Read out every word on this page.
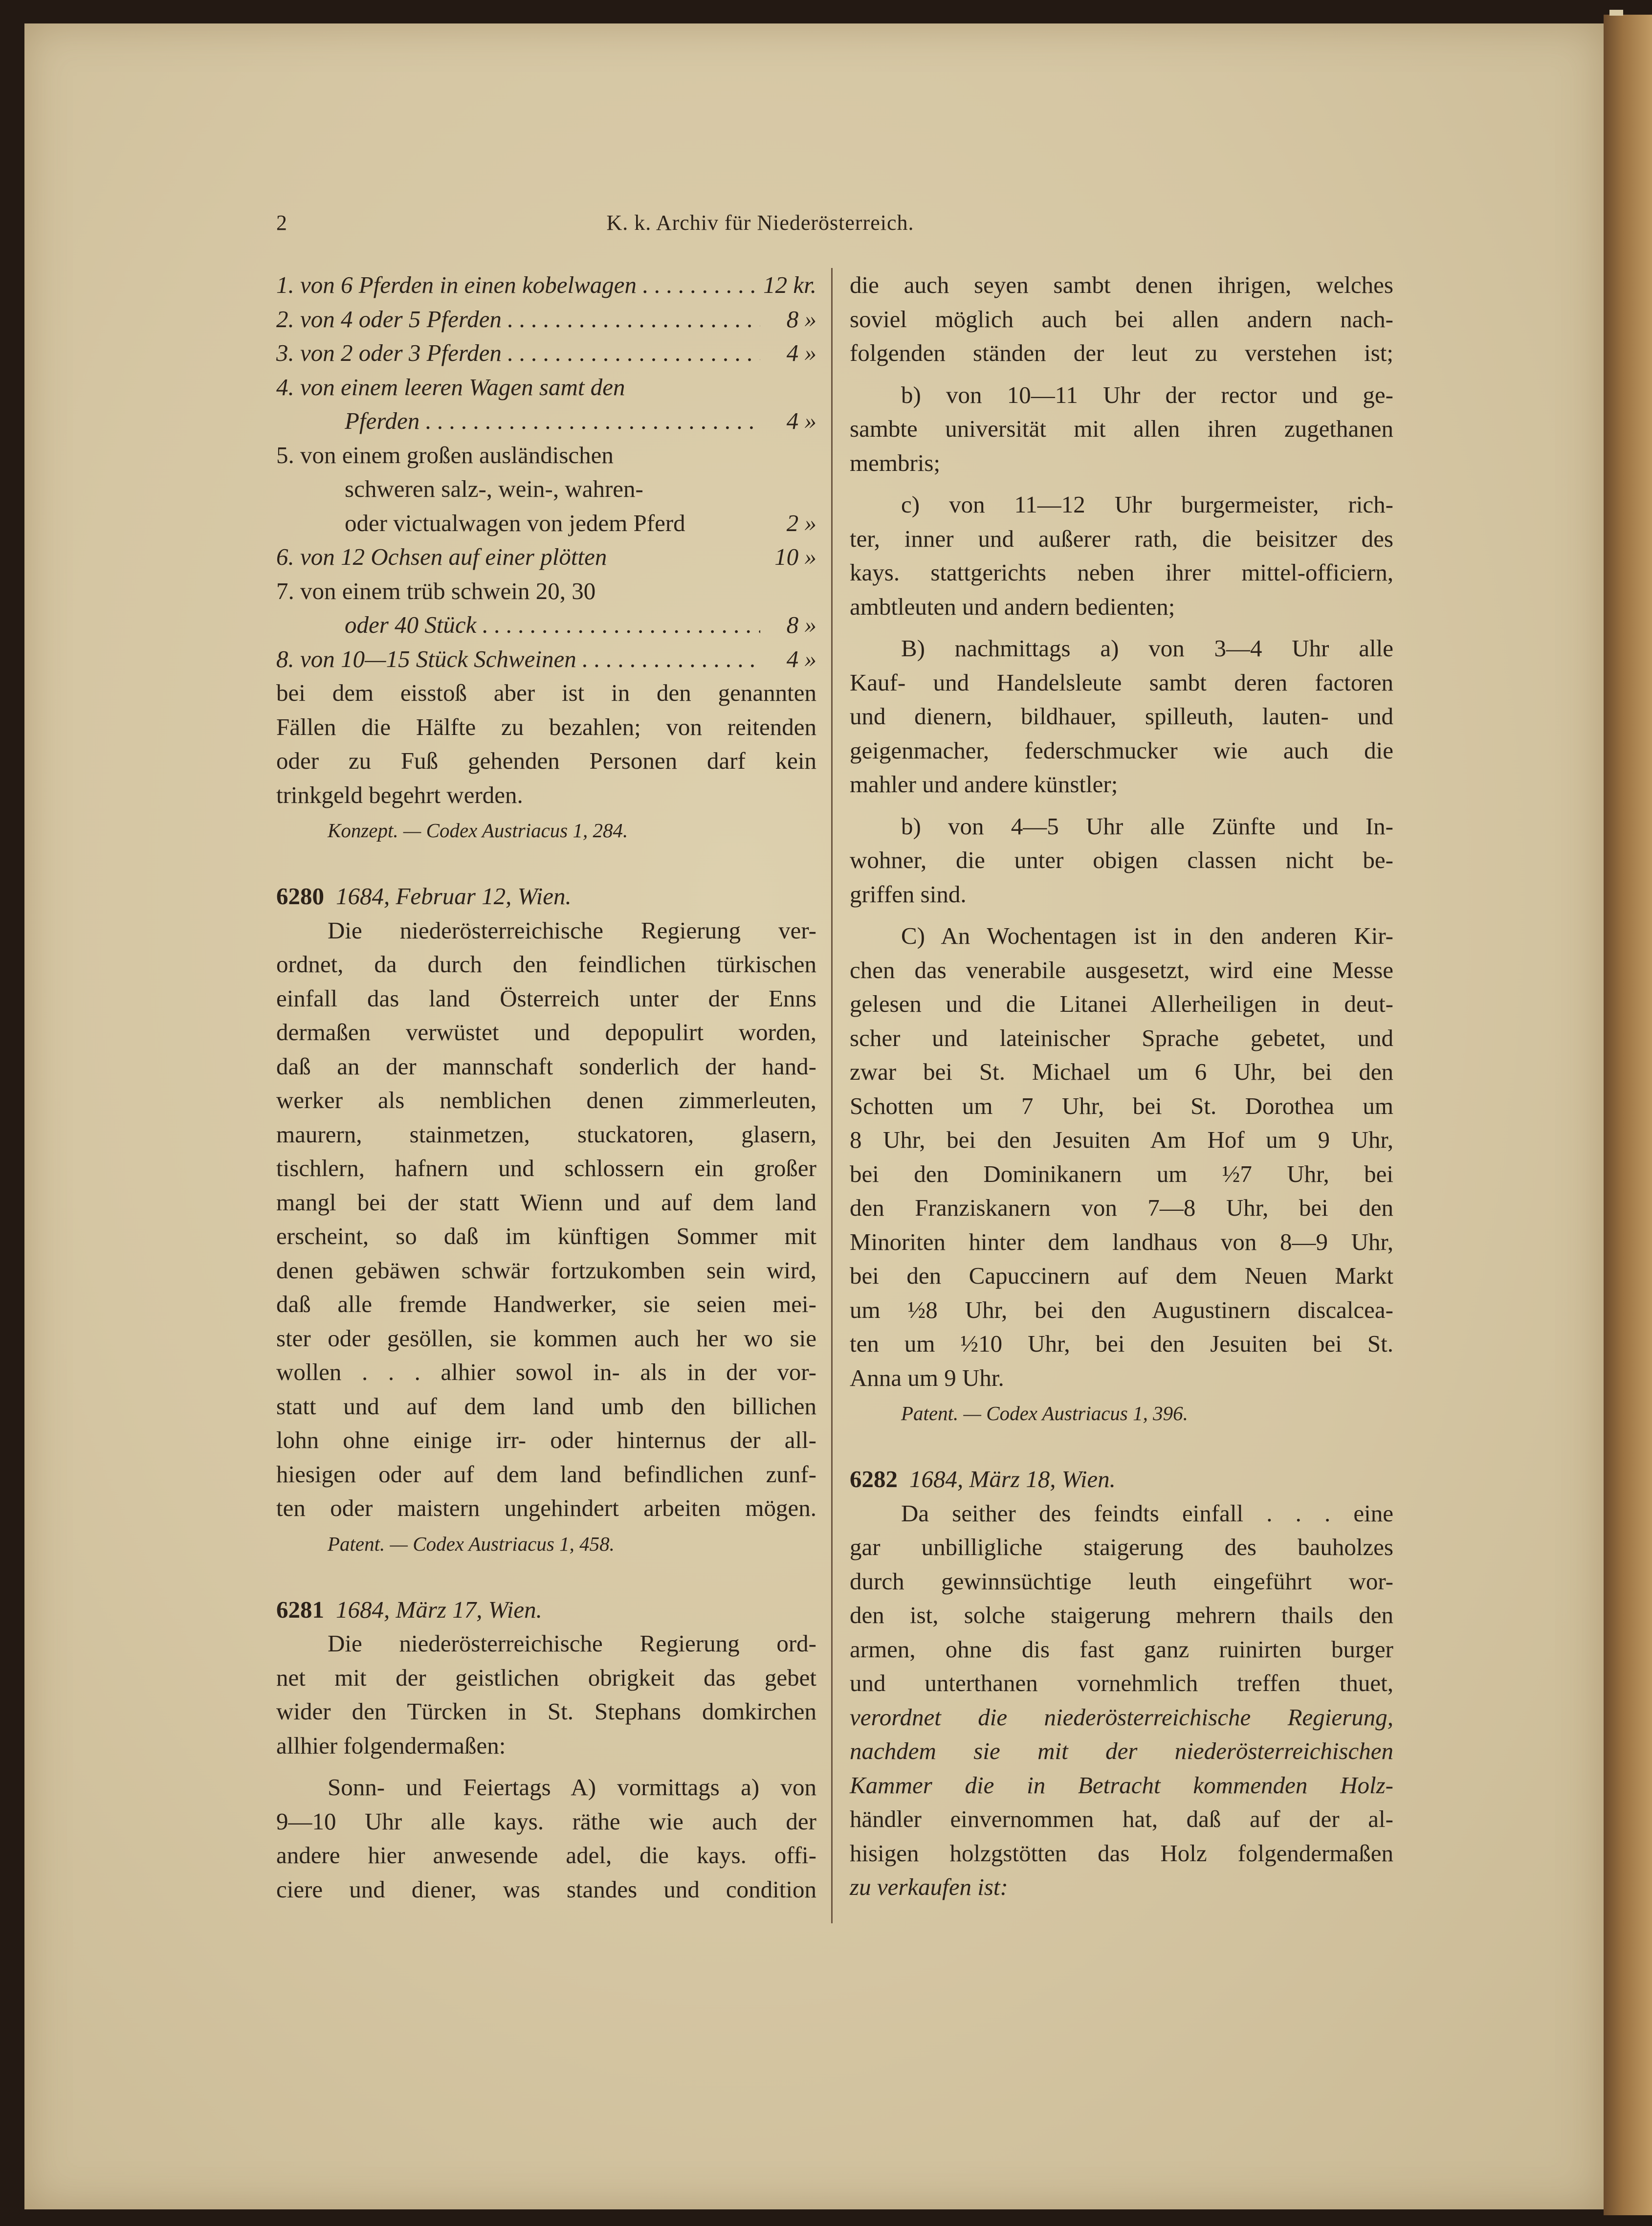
2	K. k. Archiv für Niederösterreich.

1. von 6 Pferden in einen kobelwagen . . .	12 kr.

2. von 4 oder 5 Pferden . . .	8 »

3. von 2 oder 3 Pferden . . .	4 »

4. von einem leeren Wagen samt den

Pferden . . .	4 »

5. von einem großen ausländischen

schweren salz-, wein-, wahren-

oder victualwagen von jedem Pferd	2 »

6. von 12 Ochsen auf einer plötten	10 »

7. von einem trüb schwein 20, 30

oder 40 Stück . . .	8 »

8. von 10—15 Stück Schweinen . . .	4 »

bei dem eisstoß aber ist in den genannten

Fällen die Hälfte zu bezahlen; von reitenden

oder zu Fuß gehenden Personen darf kein

trinkgeld begehrt werden.

Konzept. — Codex Austriacus 1, 284.

6280 1684, Februar 12, Wien.

Die niederösterreichische Regierung ver-

ordnet, da durch den feindlichen türkischen

einfall das land Österreich unter der Enns

dermaßen verwüstet und depopulirt worden,

daß an der mannschaft sonderlich der hand-

werker als nemblichen denen zimmerleuten,

maurern, stainmetzen, stuckatoren, glasern,

tischlern, hafnern und schlossern ein großer

mangl bei der statt Wienn und auf dem land

erscheint, so daß im künftigen Sommer mit

denen gebäwen schwär fortzukomben sein wird,

daß alle fremde Handwerker, sie seien mei-

ster oder gesöllen, sie kommen auch her wo sie

wollen . . . alhier sowol in- als in der vor-

statt und auf dem land umb den billichen

lohn ohne einige irr- oder hinternus der all-

hiesigen oder auf dem land befindlichen zunf-

ten oder maistern ungehindert arbeiten mögen.

Patent. — Codex Austriacus 1, 458.

6281 1684, März 17, Wien.

Die niederösterreichische Regierung ord-

net mit der geistlichen obrigkeit das gebet

wider den Türcken in St. Stephans domkirchen

allhier folgendermaßen:

Sonn- und Feiertags A) vormittags a) von

9—10 Uhr alle kays. räthe wie auch der

andere hier anwesende adel, die kays. offi-

ciere und diener, was standes und condition

die auch seyen sambt denen ihrigen, welches

soviel möglich auch bei allen andern nach-

folgenden ständen der leut zu verstehen ist;

b) von 10—11 Uhr der rector und ge-

sambte universität mit allen ihren zugethanen

membris;

c) von 11—12 Uhr burgermeister, rich-

ter, inner und außerer rath, die beisitzer des

kays. stattgerichts neben ihrer mittel-officiern,

ambtleuten und andern bedienten;

B) nachmittags a) von 3—4 Uhr alle

Kauf- und Handelsleute sambt deren factoren

und dienern, bildhauer, spilleuth, lauten- und

geigenmacher, federschmucker wie auch die

mahler und andere künstler;

b) von 4—5 Uhr alle Zünfte und In-

wohner, die unter obigen classen nicht be-

griffen sind.

C) An Wochentagen ist in den anderen Kir-

chen das venerabile ausgesetzt, wird eine Messe

gelesen und die Litanei Allerheiligen in deut-

scher und lateinischer Sprache gebetet, und

zwar bei St. Michael um 6 Uhr, bei den

Schotten um 7 Uhr, bei St. Dorothea um

8 Uhr, bei den Jesuiten Am Hof um 9 Uhr,

bei den Dominikanern um ½7 Uhr, bei

den Franziskanern von 7—8 Uhr, bei den

Minoriten hinter dem landhaus von 8—9 Uhr,

bei den Capuccinern auf dem Neuen Markt

um ½8 Uhr, bei den Augustinern discalcea-

ten um ½10 Uhr, bei den Jesuiten bei St.

Anna um 9 Uhr.

Patent. — Codex Austriacus 1, 396.

6282 1684, März 18, Wien.

Da seither des feindts einfall . . . eine

gar unbilligliche staigerung des bauholzes

durch gewinnsüchtige leuth eingeführt wor-

den ist, solche staigerung mehrern thails den

armen, ohne dis fast ganz ruinirten burger

und unterthanen vornehmlich treffen thuet,

verordnet die niederösterreichische Regierung,

nachdem sie mit der niederösterreichischen

Kammer die in Betracht kommenden Holz-

händler einvernommen hat, daß auf der al-

hisigen holzgstötten das Holz folgendermaßen

zu verkaufen ist:
